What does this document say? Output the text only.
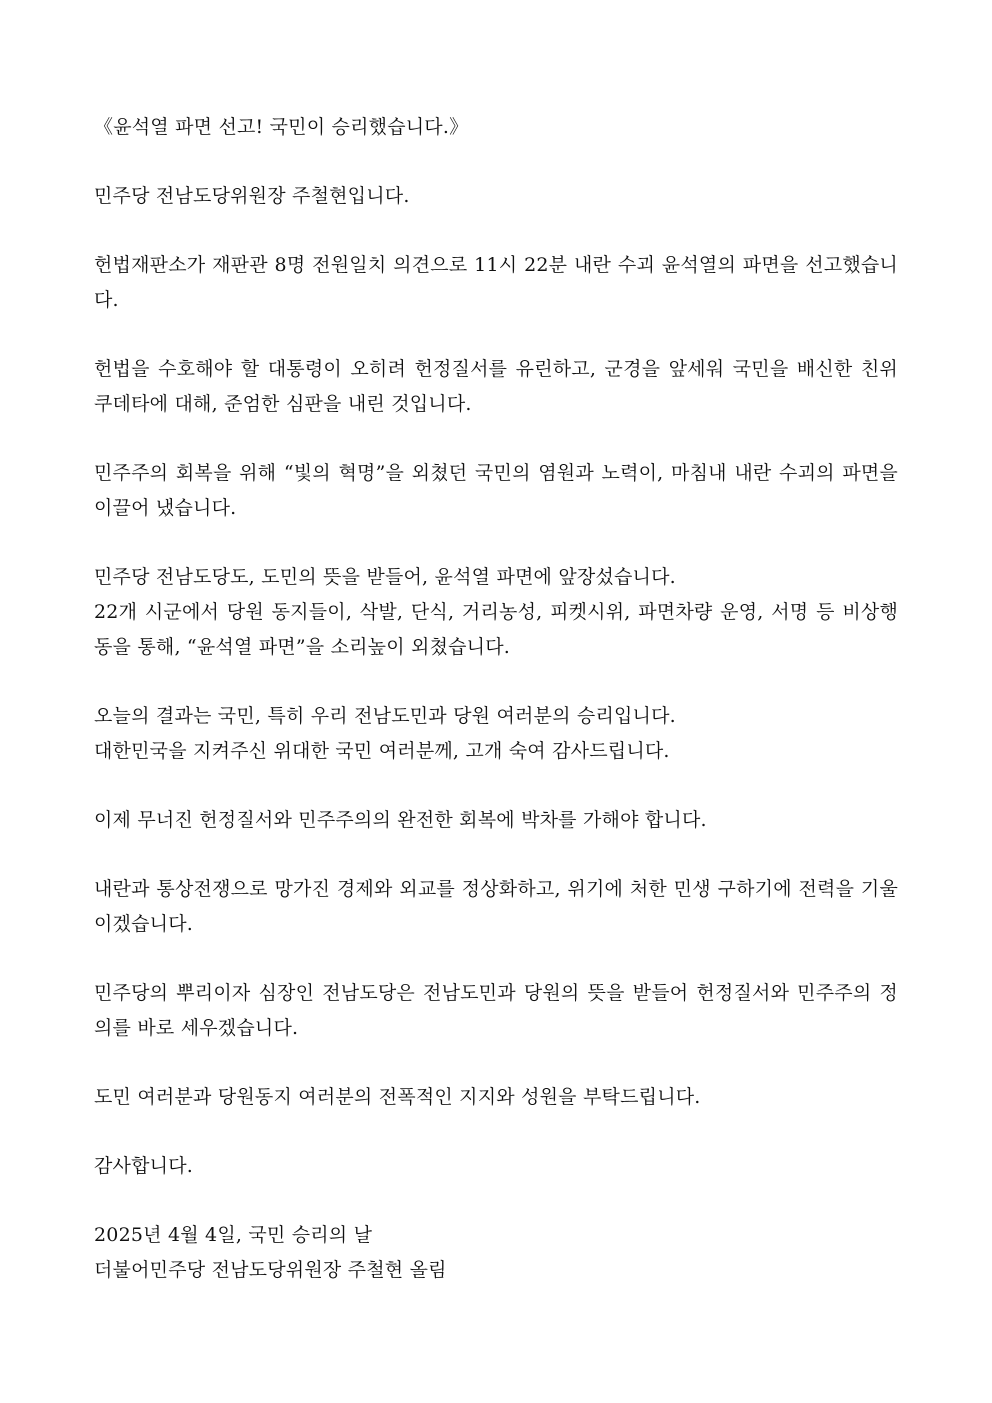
《윤석열 파면 선고! 국민이 승리했습니다.》

민주당 전남도당위원장 주철현입니다.

헌법재판소가 재판관 8명 전원일치 의견으로 11시 22분 내란 수괴 윤석열의 파면을 선고했습니다.

헌법을 수호해야 할 대통령이 오히려 헌정질서를 유린하고, 군경을 앞세워 국민을 배신한 친위 쿠데타에 대해, 준엄한 심판을 내린 것입니다.

민주주의 회복을 위해 “빛의 혁명”을 외쳤던 국민의 염원과 노력이, 마침내 내란 수괴의 파면을 이끌어 냈습니다.

민주당 전남도당도, 도민의 뜻을 받들어, 윤석열 파면에 앞장섰습니다.
22개 시군에서 당원 동지들이, 삭발, 단식, 거리농성, 피켓시위, 파면차량 운영, 서명 등 비상행동을 통해, “윤석열 파면”을 소리높이 외쳤습니다.
오늘의 결과는 국민, 특히 우리 전남도민과 당원 여러분의 승리입니다.
대한민국을 지켜주신 위대한 국민 여러분께, 고개 숙여 감사드립니다.

이제 무너진 헌정질서와 민주주의의 완전한 회복에 박차를 가해야 합니다.

내란과 통상전쟁으로 망가진 경제와 외교를 정상화하고, 위기에 처한 민생 구하기에 전력을 기울이겠습니다.

민주당의 뿌리이자 심장인 전남도당은 전남도민과 당원의 뜻을 받들어 헌정질서와 민주주의 정의를 바로 세우겠습니다.

도민 여러분과 당원동지 여러분의 전폭적인 지지와 성원을 부탁드립니다.

감사합니다.

2025년 4월 4일, 국민 승리의 날
더불어민주당 전남도당위원장 주철현 올림
